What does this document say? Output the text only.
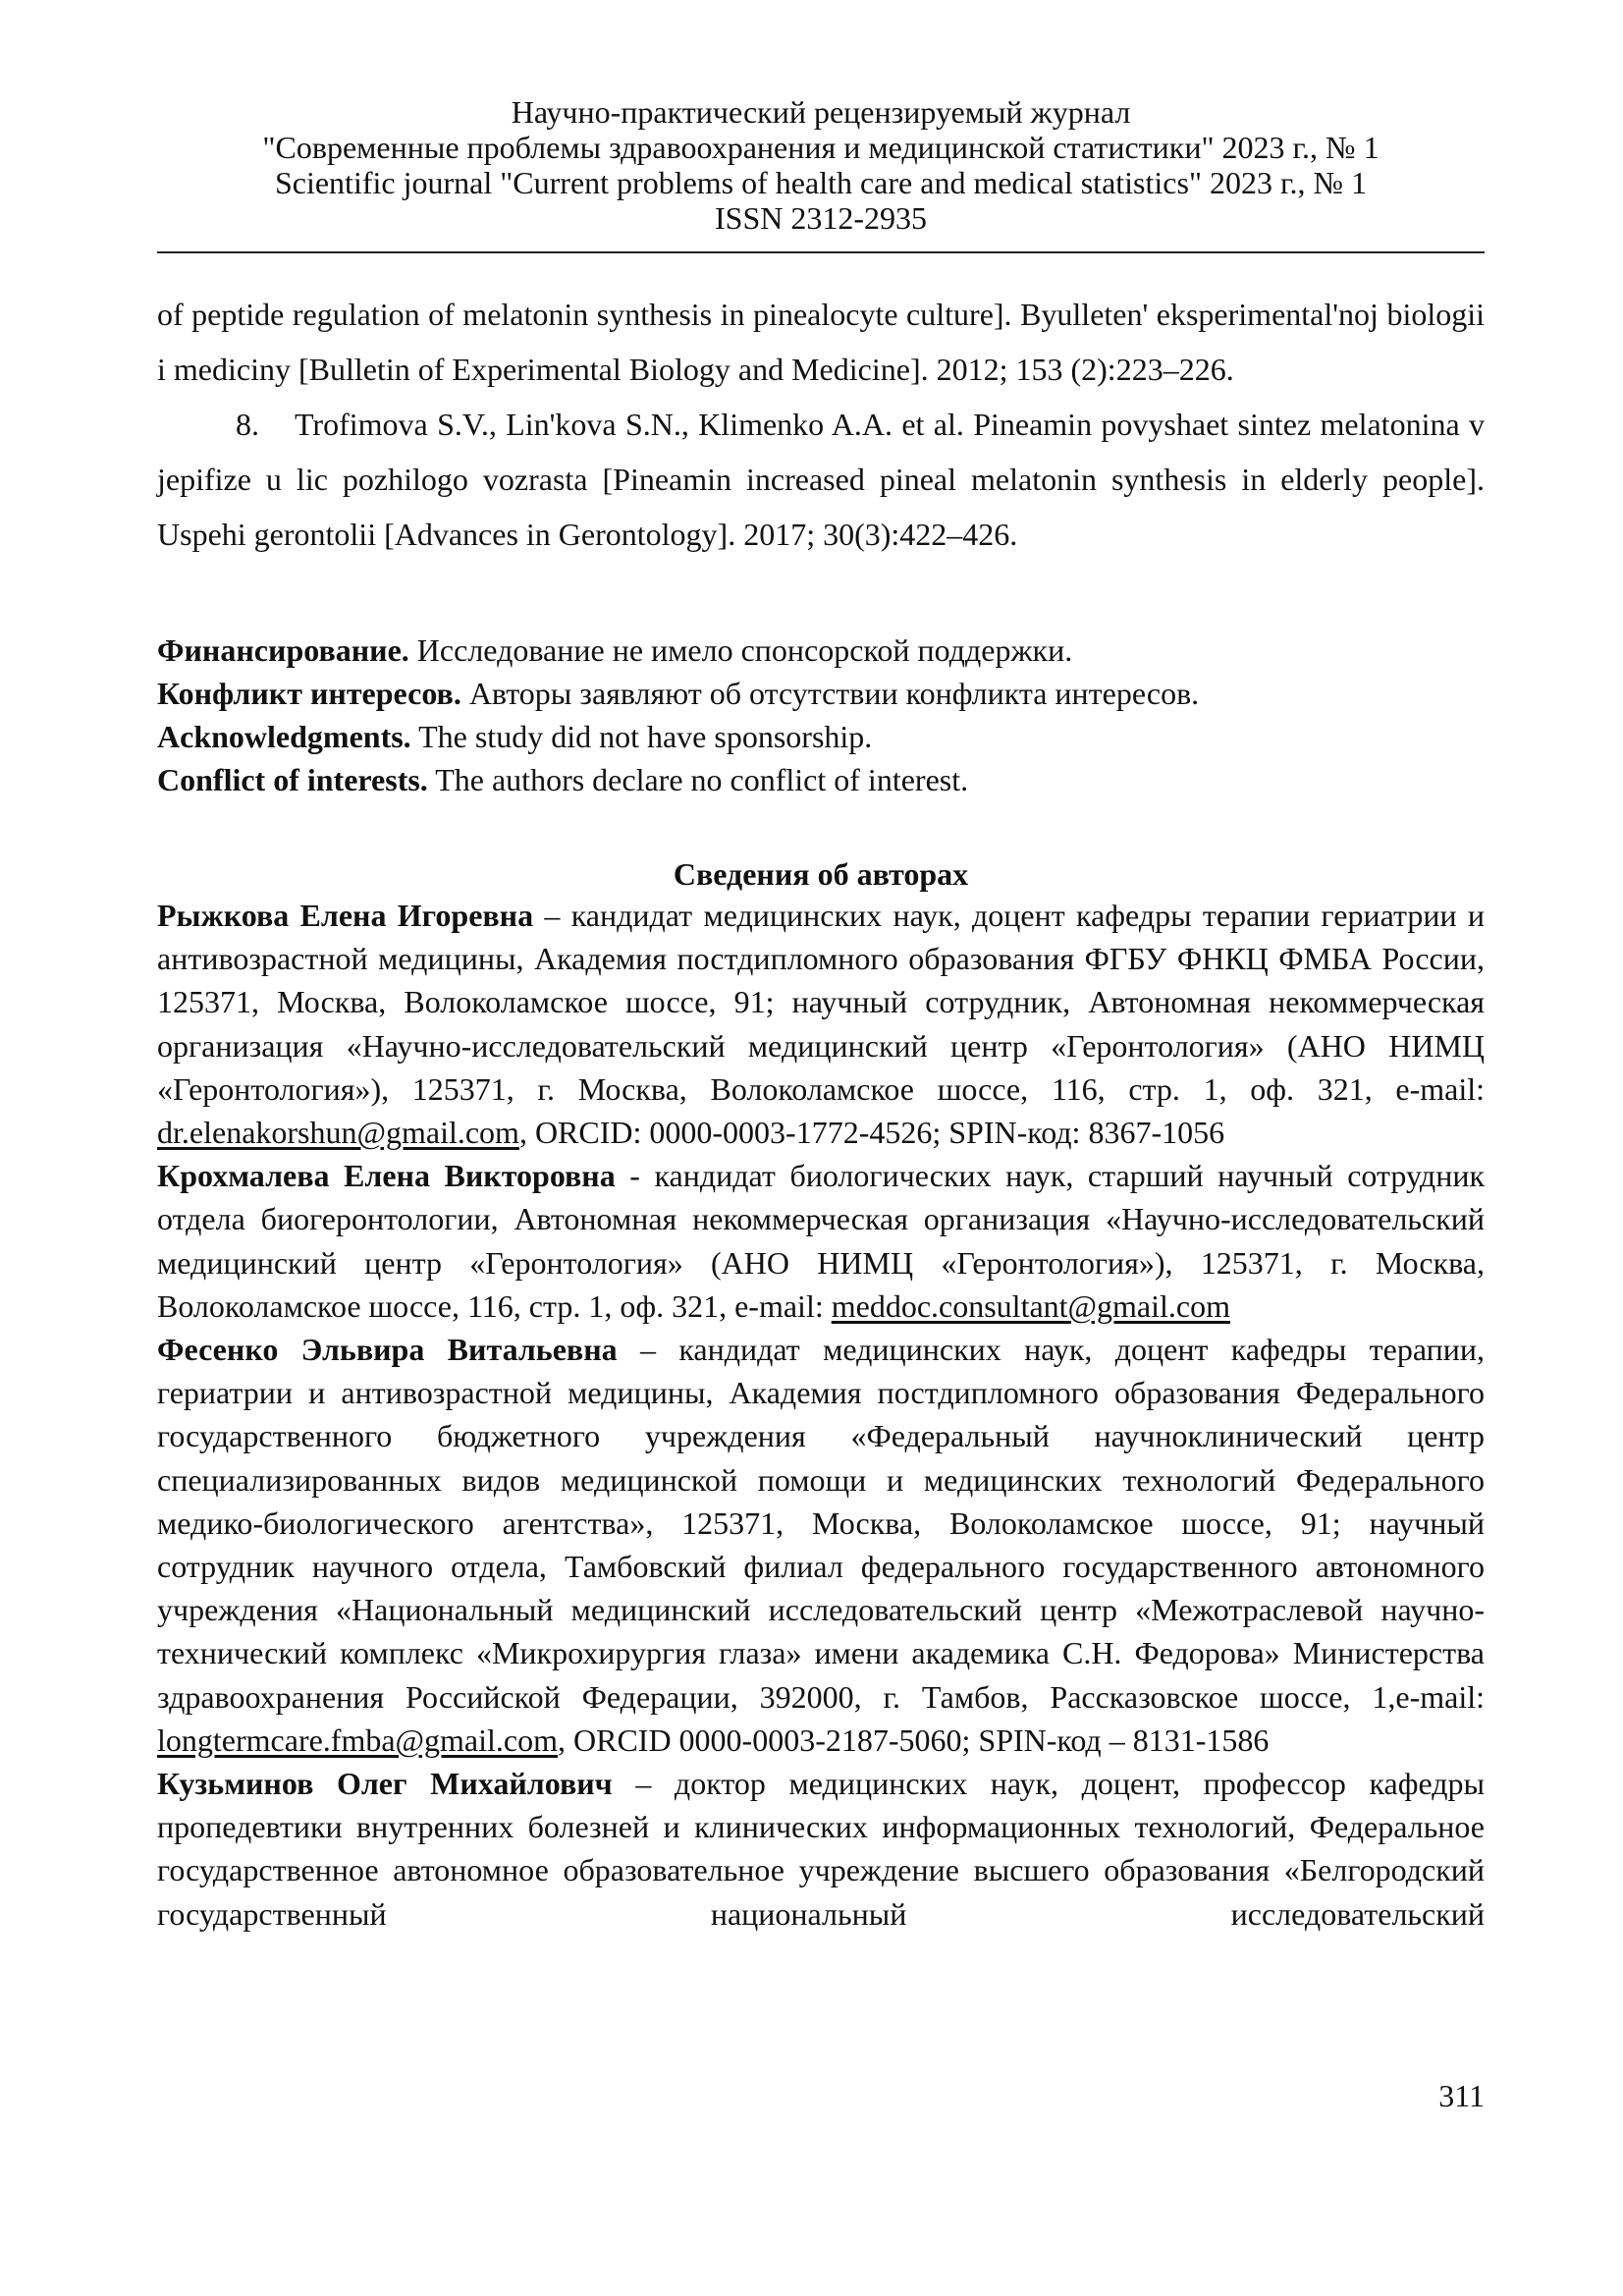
Научно-практический рецензируемый журнал
"Современные проблемы здравоохранения и медицинской статистики" 2023 г., № 1
Scientific journal "Current problems of health care and medical statistics" 2023 г., № 1
ISSN 2312-2935

of peptide regulation of melatonin synthesis in pinealocyte culture]. Byulleten' eksperimental'noj biologii i mediciny [Bulletin of Experimental Biology and Medicine]. 2012; 153 (2):223–226.

8. Trofimova S.V., Lin'kova S.N., Klimenko A.A. et al. Pineamin povyshaet sintez melatonina v jepifize u lic pozhilogo vozrasta [Pineamin increased pineal melatonin synthesis in elderly people]. Uspehi gerontolii [Advances in Gerontology]. 2017; 30(3):422–426.

Финансирование. Исследование не имело спонсорской поддержки.

Конфликт интересов. Авторы заявляют об отсутствии конфликта интересов.

Acknowledgments. The study did not have sponsorship.

Conflict of interests. The authors declare no conflict of interest.

Сведения об авторах

Рыжкова Елена Игоревна – кандидат медицинских наук, доцент кафедры терапии гериатрии и антивозрастной медицины, Академия постдипломного образования ФГБУ ФНКЦ ФМБА России, 125371, Москва, Волоколамское шоссе, 91; научный сотрудник, Автономная некоммерческая организация «Научно-исследовательский медицинский центр «Геронтология» (АНО НИМЦ «Геронтология»), 125371, г. Москва, Волоколамское шоссе, 116, стр. 1, оф. 321, e-mail: dr.elenakorshun@gmail.com, ORCID: 0000-0003-1772-4526; SPIN-код: 8367-1056

Крохмалева Елена Викторовна - кандидат биологических наук, старший научный сотрудник отдела биогеронтологии, Автономная некоммерческая организация «Научно-исследовательский медицинский центр «Геронтология» (АНО НИМЦ «Геронтология»), 125371, г. Москва, Волоколамское шоссе, 116, стр. 1, оф. 321, e-mail: meddoc.consultant@gmail.com

Фесенко Эльвира Витальевна – кандидат медицинских наук, доцент кафедры терапии, гериатрии и антивозрастной медицины, Академия постдипломного образования Федерального государственного бюджетного учреждения «Федеральный научноклинический центр специализированных видов медицинской помощи и медицинских технологий Федерального медико-биологического агентства», 125371, Москва, Волоколамское шоссе, 91; научный сотрудник научного отдела, Тамбовский филиал федерального государственного автономного учреждения «Национальный медицинский исследовательский центр «Межотраслевой научно-технический комплекс «Микрохирургия глаза» имени академика С.Н. Федорова» Министерства здравоохранения Российской Федерации, 392000, г. Тамбов, Рассказовское шоссе, 1,e-mail: longtermcare.fmba@gmail.com, ORCID 0000-0003-2187-5060; SPIN-код – 8131-1586

Кузьминов Олег Михайлович – доктор медицинских наук, доцент, профессор кафедры пропедевтики внутренних болезней и клинических информационных технологий, Федеральное государственное автономное образовательное учреждение высшего образования «Белгородский государственный национальный исследовательский

311
